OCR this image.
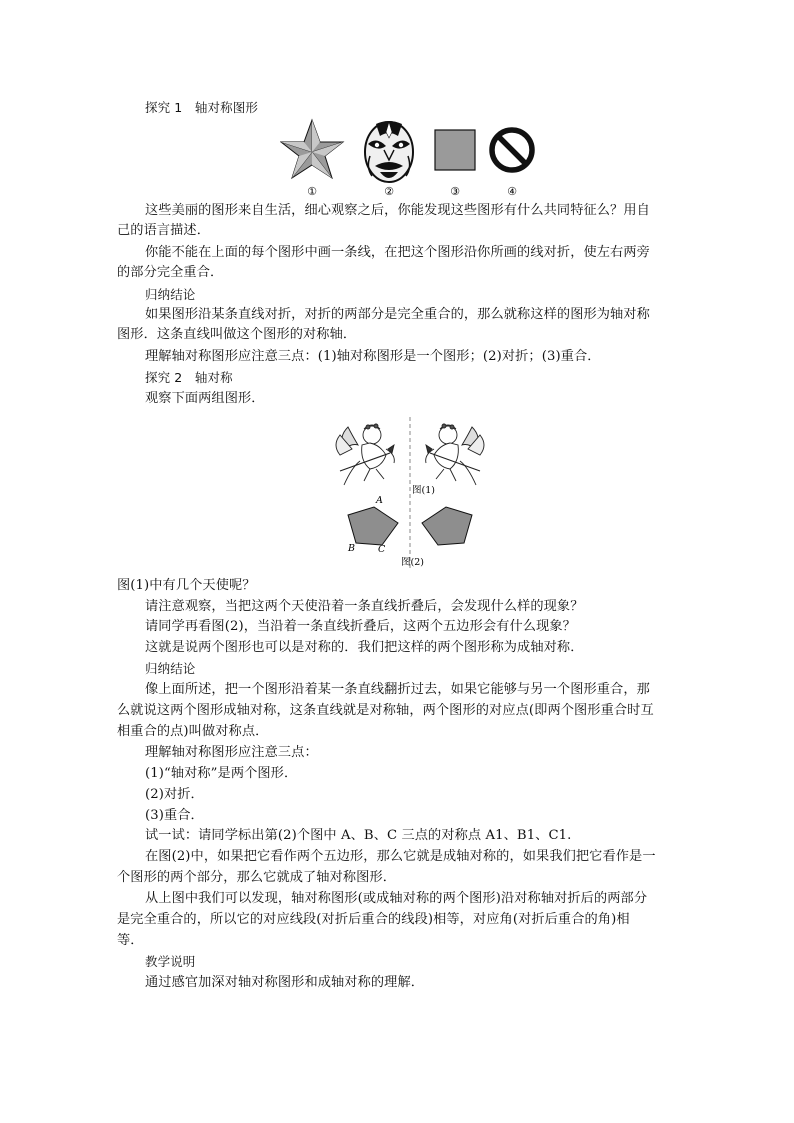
探究 1　轴对称图形
①	②	③	④
这些美丽的图形来自生活，细心观察之后，你能发现这些图形有什么共同特征么？用自
己的语言描述．
你能不能在上面的每个图形中画一条线，在把这个图形沿你所画的线对折，使左右两旁
的部分完全重合．
归纳结论
如果图形沿某条直线对折，对折的两部分是完全重合的，那么就称这样的图形为轴对称
图形．这条直线叫做这个图形的对称轴．
理解轴对称图形应注意三点：(1)轴对称图形是一个图形；(2)对折；(3)重合．
探究 2　轴对称
观察下面两组图形．
图(1)
A
B C
图(2)
图(1)中有几个天使呢？
请注意观察，当把这两个天使沿着一条直线折叠后，会发现什么样的现象？
请同学再看图(2)，当沿着一条直线折叠后，这两个五边形会有什么现象？
这就是说两个图形也可以是对称的．我们把这样的两个图形称为成轴对称．
归纳结论
像上面所述，把一个图形沿着某一条直线翻折过去，如果它能够与另一个图形重合，那
么就说这两个图形成轴对称，这条直线就是对称轴，两个图形的对应点(即两个图形重合时互
相重合的点)叫做对称点．
理解轴对称图形应注意三点：
(1)“轴对称”是两个图形．
(2)对折．
(3)重合．
试一试：请同学标出第(2)个图中 A、B、C 三点的对称点 A1、B1、C1.
在图(2)中，如果把它看作两个五边形，那么它就是成轴对称的，如果我们把它看作是一
个图形的两个部分，那么它就成了轴对称图形．
从上图中我们可以发现，轴对称图形(或成轴对称的两个图形)沿对称轴对折后的两部分
是完全重合的，所以它的对应线段(对折后重合的线段)相等，对应角(对折后重合的角)相
等．
教学说明
通过感官加深对轴对称图形和成轴对称的理解．
